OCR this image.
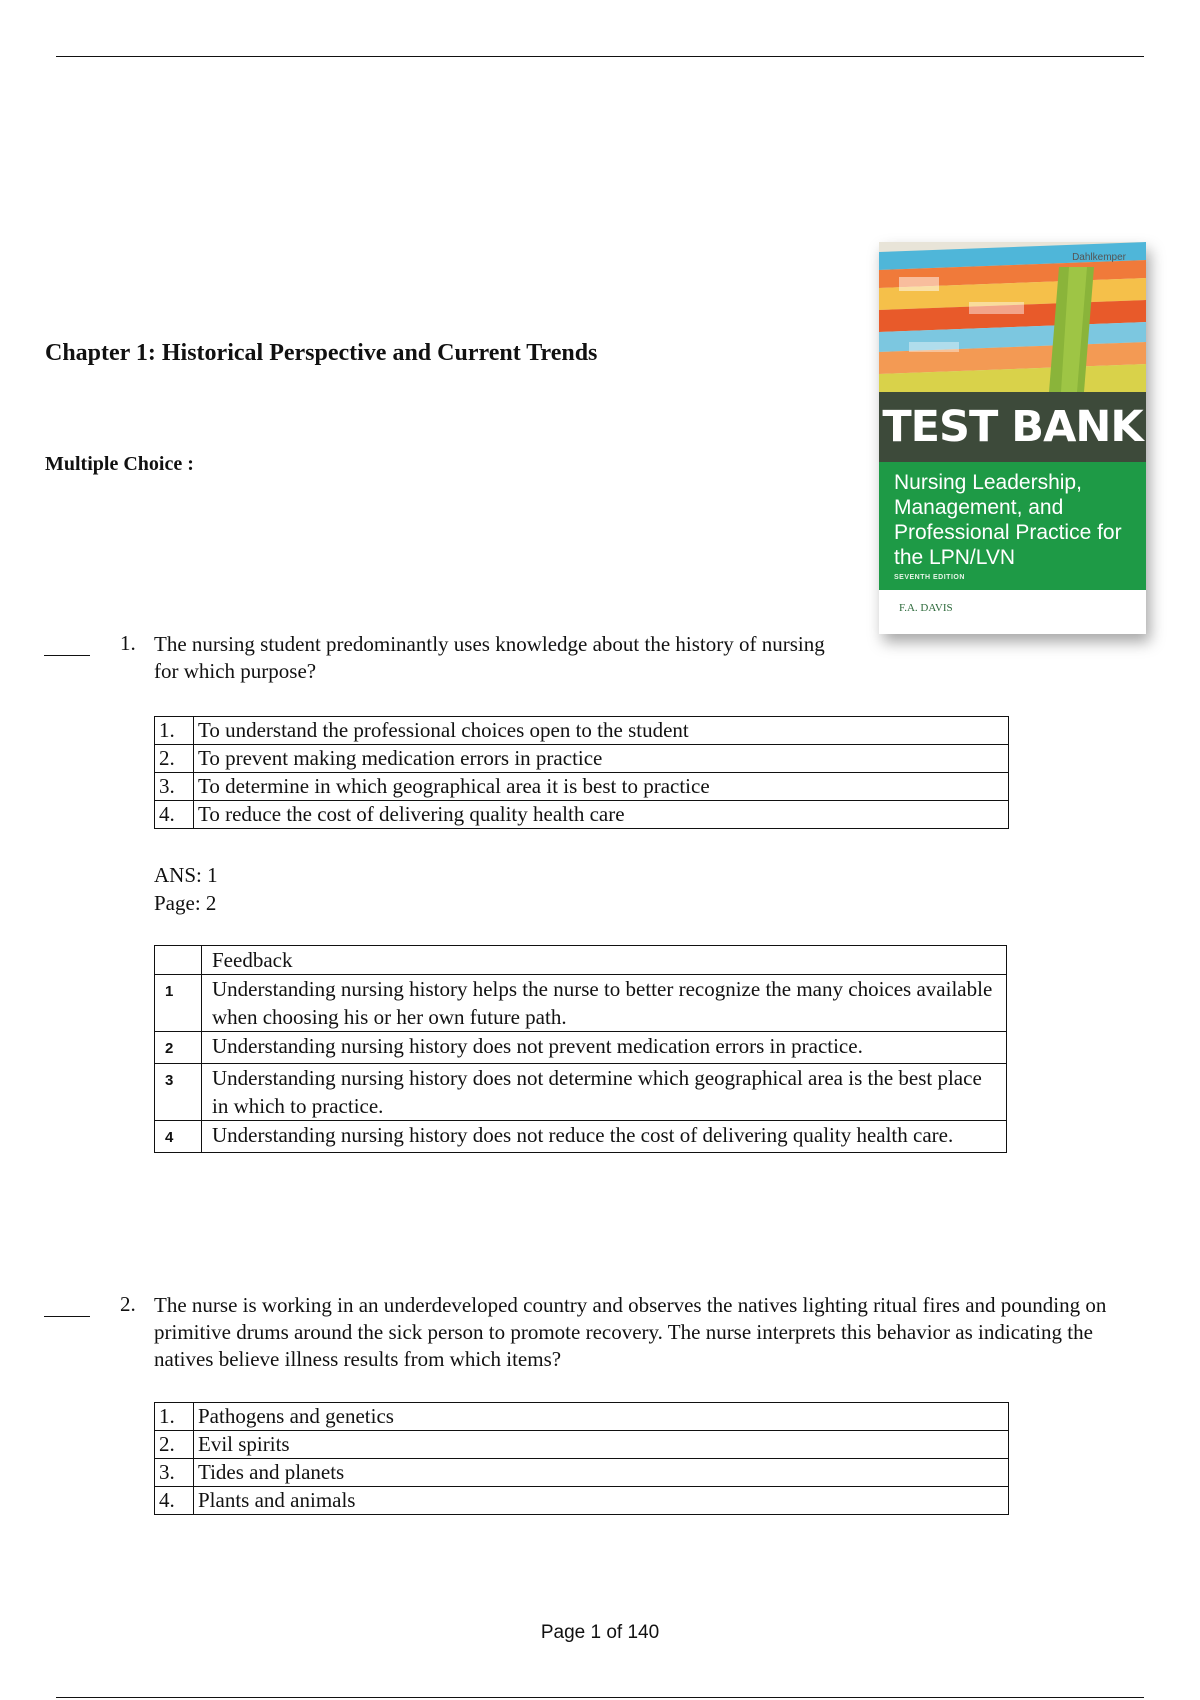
Dahlkemper
TEST BANK
Nursing Leadership, Management, and Professional Practice for the LPN/LVN
SEVENTH EDITION
F.A. DAVIS
Chapter 1: Historical Perspective and Current Trends
Multiple Choice :
1. The nursing student predominantly uses knowledge about the history of nursing for which purpose?
1.	To understand the professional choices open to the student
2.	To prevent making medication errors in practice
3.	To determine in which geographical area it is best to practice
4.	To reduce the cost of delivering quality health care
ANS: 1
Page: 2
	Feedback
1	Understanding nursing history helps the nurse to better recognize the many choices available when choosing his or her own future path.
2	Understanding nursing history does not prevent medication errors in practice.
3	Understanding nursing history does not determine which geographical area is the best place in which to practice.
4	Understanding nursing history does not reduce the cost of delivering quality health care.
2. The nurse is working in an underdeveloped country and observes the natives lighting ritual fires and pounding on primitive drums around the sick person to promote recovery. The nurse interprets this behavior as indicating the natives believe illness results from which items?
1.	Pathogens and genetics
2.	Evil spirits
3.	Tides and planets
4.	Plants and animals
Page 1 of 140
